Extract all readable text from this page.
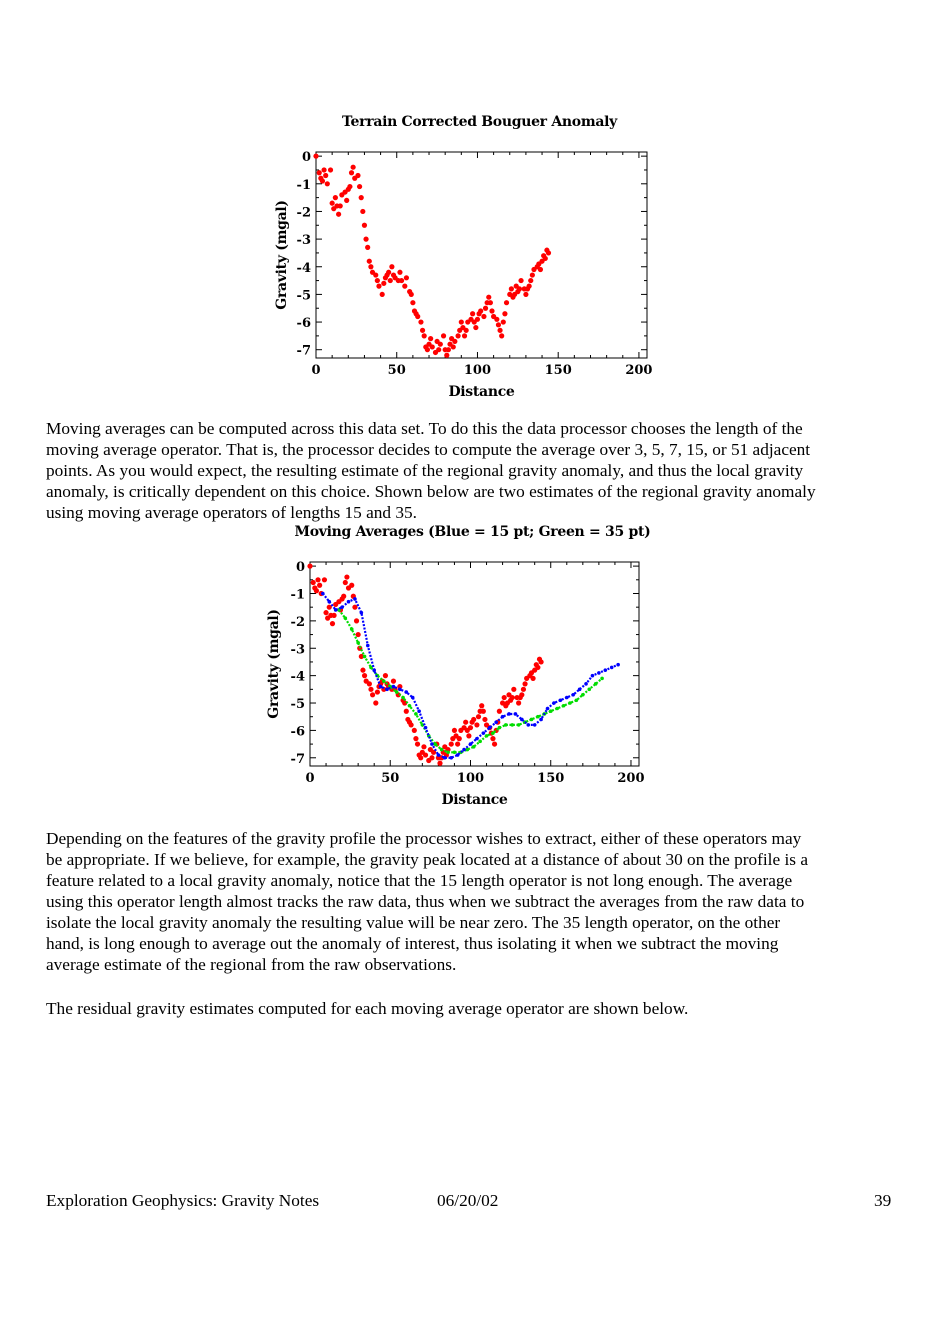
Terrain Corrected Bouguer Anomaly
0	50	100	150	200
0
-1
-2
-3
-4
-5
-6
-7
Distance
Gravity (mgal)
Moving averages can be computed across this data set. To do this the data processor chooses the length of the
moving average operator. That is, the processor decides to compute the average over 3, 5, 7, 15, or 51 adjacent
points. As you would expect, the resulting estimate of the regional gravity anomaly, and thus the local gravity
anomaly, is critically dependent on this choice. Shown below are two estimates of the regional gravity anomaly
using moving average operators of lengths 15 and 35.
Moving Averages (Blue = 15 pt; Green = 35 pt)
0	50	100	150	200
0
-1
-2
-3
-4
-5
-6
-7
Distance
Gravity (mgal)
Depending on the features of the gravity profile the processor wishes to extract, either of these operators may
be appropriate. If we believe, for example, the gravity peak located at a distance of about 30 on the profile is a
feature related to a local gravity anomaly, notice that the 15 length operator is not long enough. The average
using this operator length almost tracks the raw data, thus when we subtract the averages from the raw data to
isolate the local gravity anomaly the resulting value will be near zero. The 35 length operator, on the other
hand, is long enough to average out the anomaly of interest, thus isolating it when we subtract the moving
average estimate of the regional from the raw observations.
The residual gravity estimates computed for each moving average operator are shown below.
Exploration Geophysics: Gravity Notes	06/20/02	39
